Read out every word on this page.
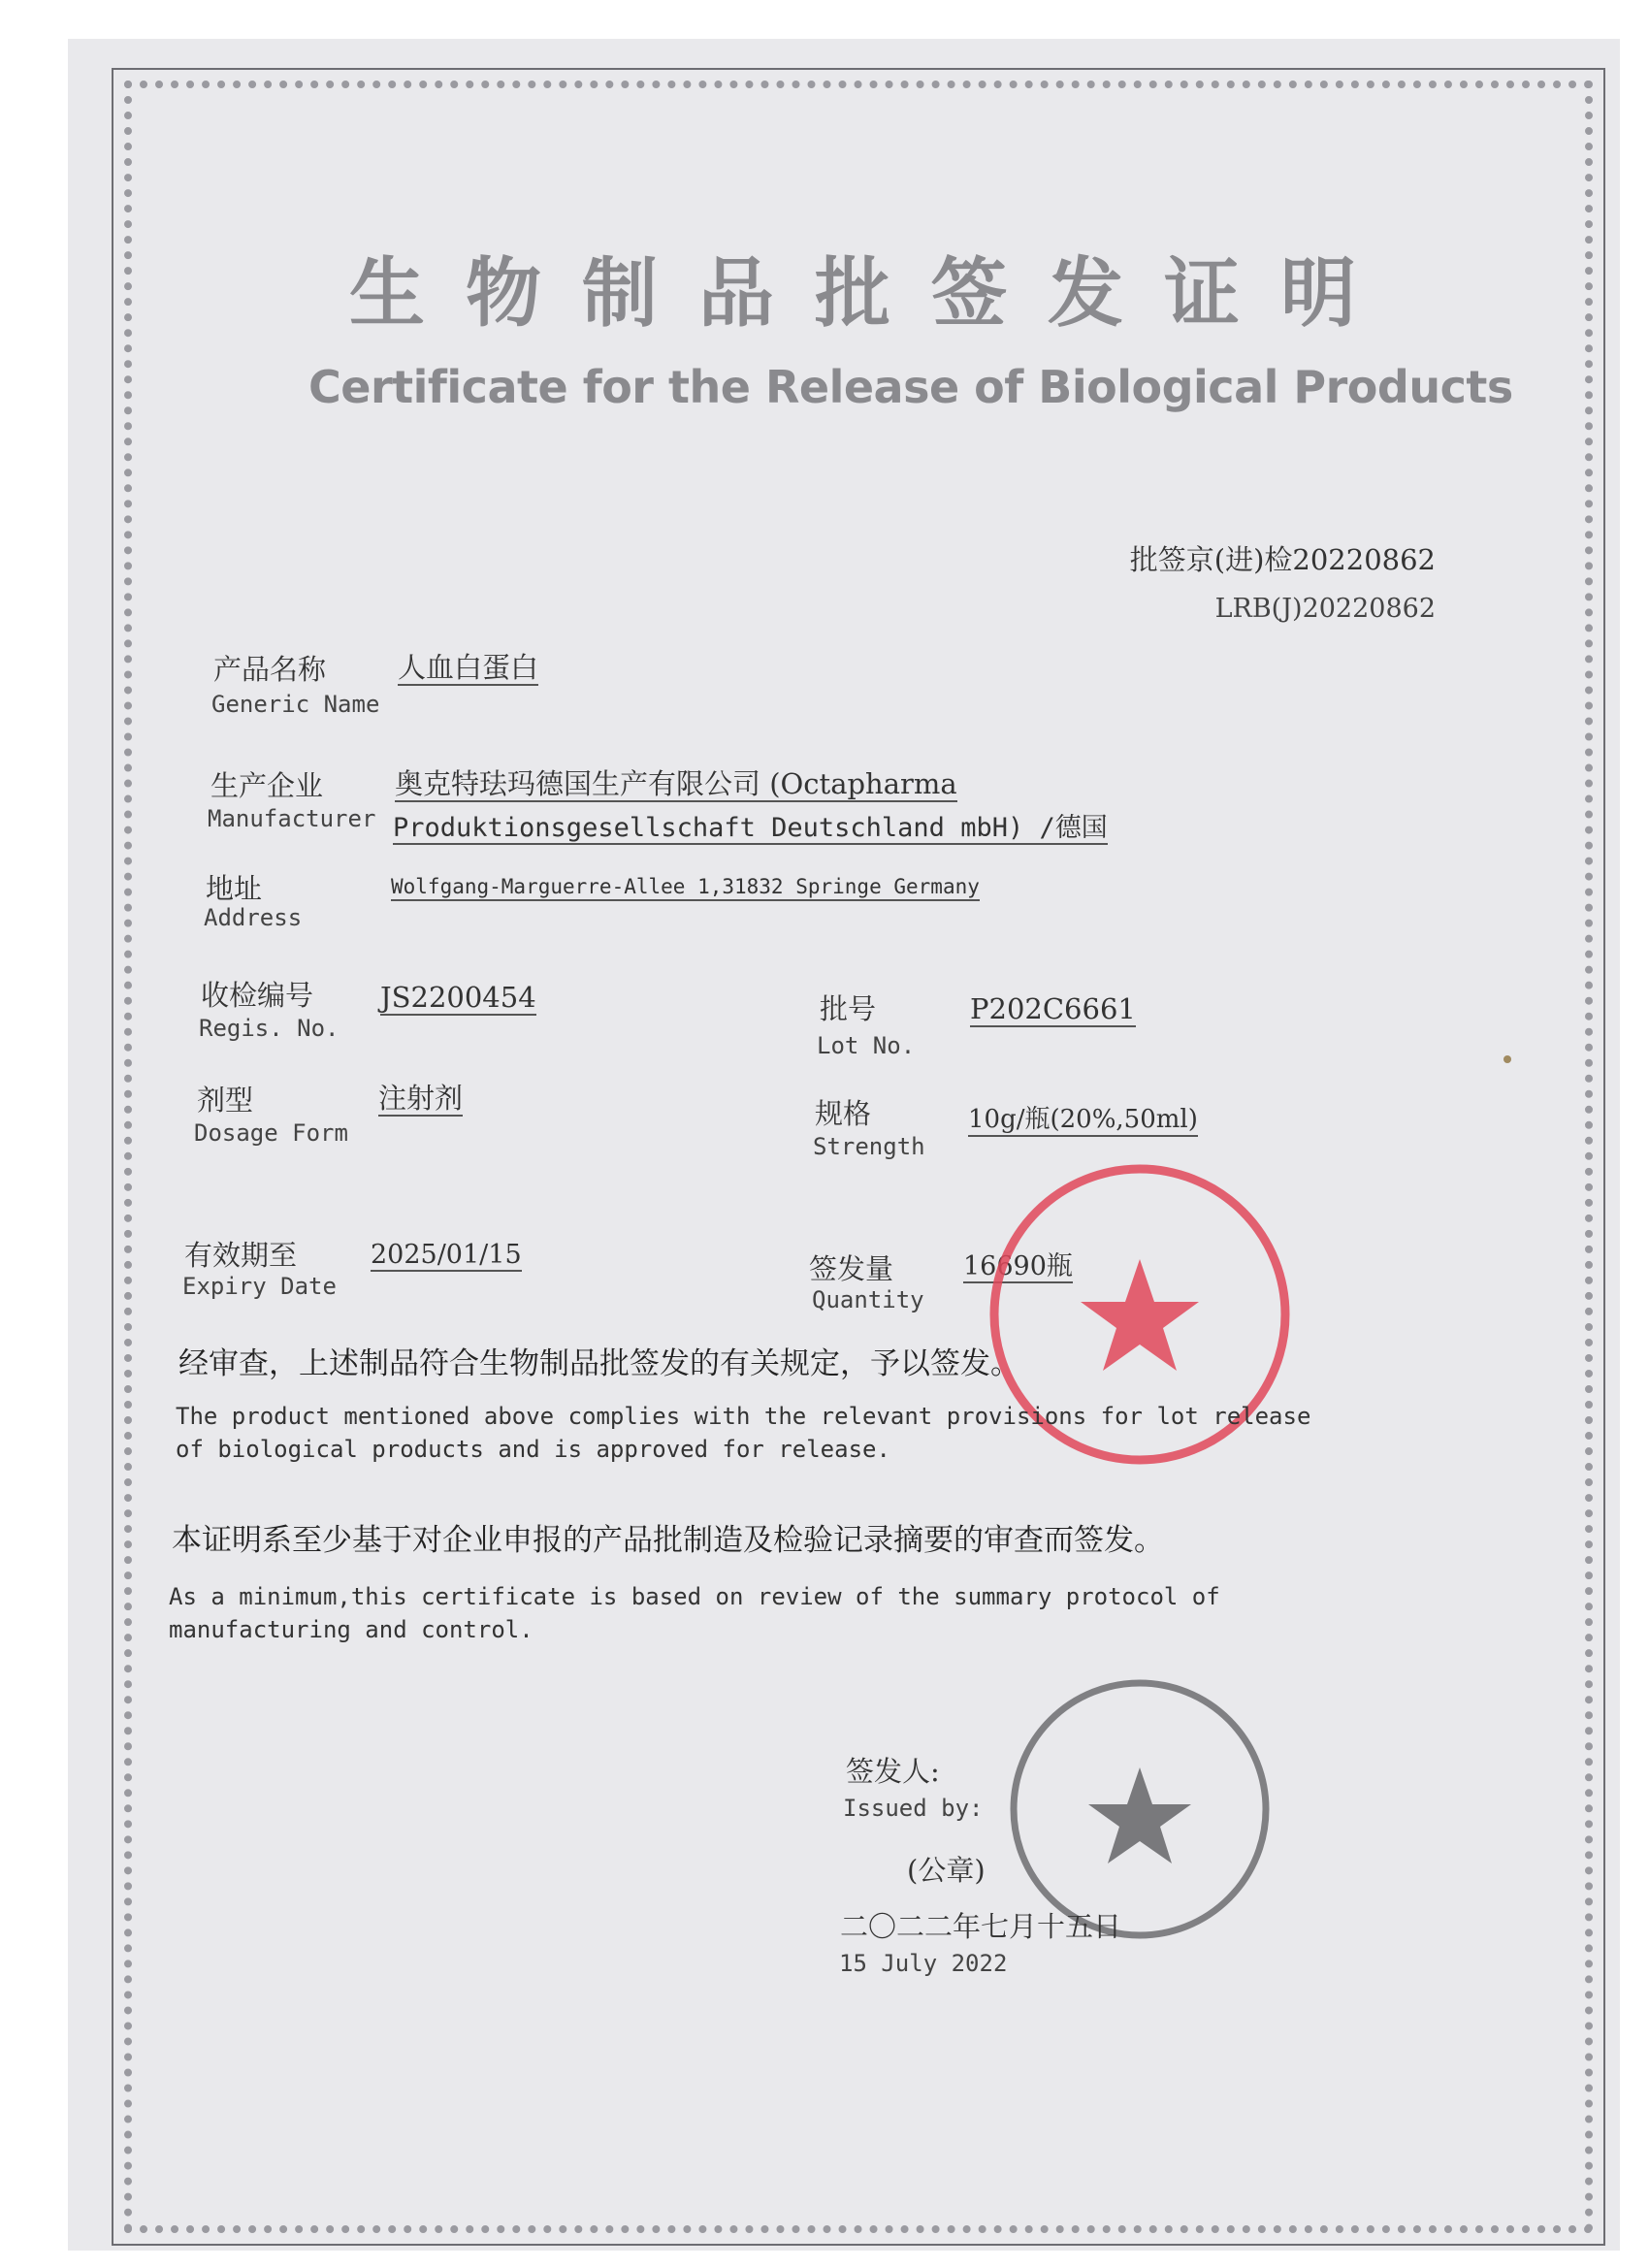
生物制品批签发证明
Certificate for the Release of Biological Products
批签京(进)检20220862
LRB(J)20220862
产品名称
Generic Name
人血白蛋白
生产企业
Manufacturer
奥克特珐玛德国生产有限公司 (Octapharma
Produktionsgesellschaft Deutschland mbH) /德国
地址
Address
Wolfgang-Marguerre-Allee 1,31832 Springe Germany
收检编号
Regis. No.
JS2200454	批号
Lot No.
P202C6661
剂型
Dosage Form
注射剂	规格
Strength
10g/瓶(20%,50ml)
有效期至
Expiry Date
2025/01/15	签发量
Quantity
16690瓶
经审查，上述制品符合生物制品批签发的有关规定，予以签发。
The product mentioned above complies with the relevant provisions for lot release
of biological products and is approved for release.
本证明系至少基于对企业申报的产品批制造及检验记录摘要的审查而签发。
As a minimum,this certificate is based on review of the summary protocol of
manufacturing and control.
签发人:
Issued by:
(公章)
二〇二二年七月十五日
15 July 2022
